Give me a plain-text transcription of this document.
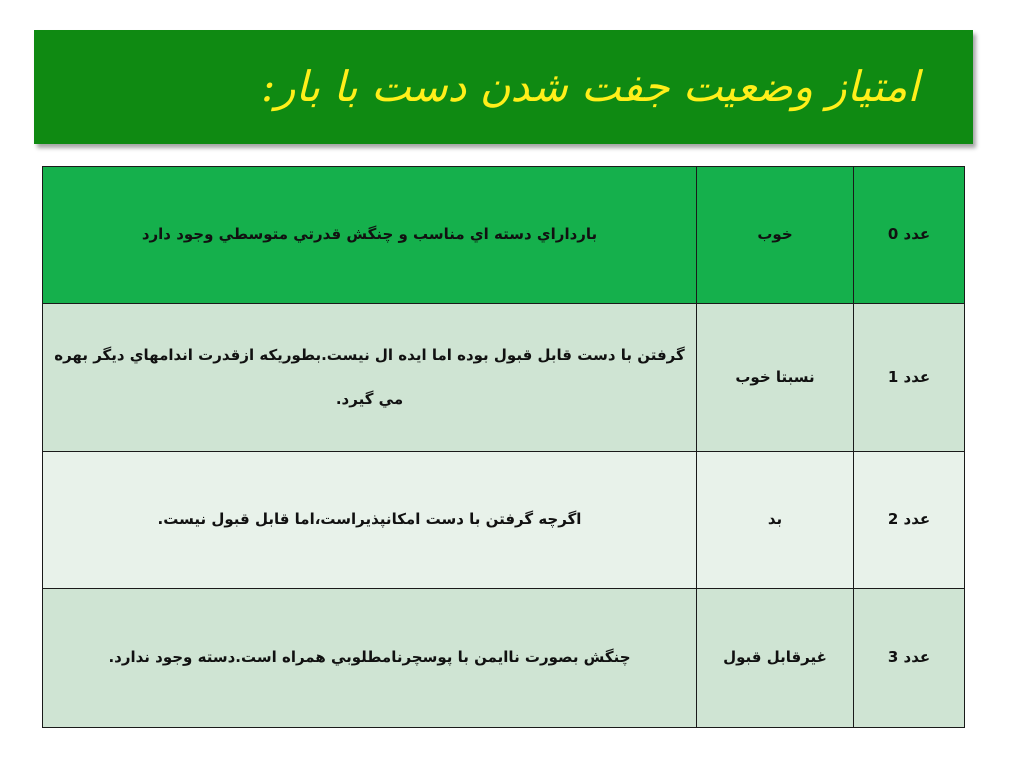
امتیاز وضعیت جفت شدن دست با بار:
عدد 0	خوب	بارداراي دسته اي مناسب و چنگش قدرتي متوسطي وجود دارد
عدد 1	نسبتا خوب	گرفتن با دست قابل قبول بوده اما ایده ال نیست.بطوریکه ازقدرت اندامهاي ديگر بهره مي گيرد.
عدد 2	بد	اگرچه گرفتن با دست امکانپذیراست،اما قابل قبول نیست.
عدد 3	غیرقابل قبول	چنگش بصورت نا‌ایمن با پوسچرنامطلوبي همراه است.دسته وجود ندارد.
